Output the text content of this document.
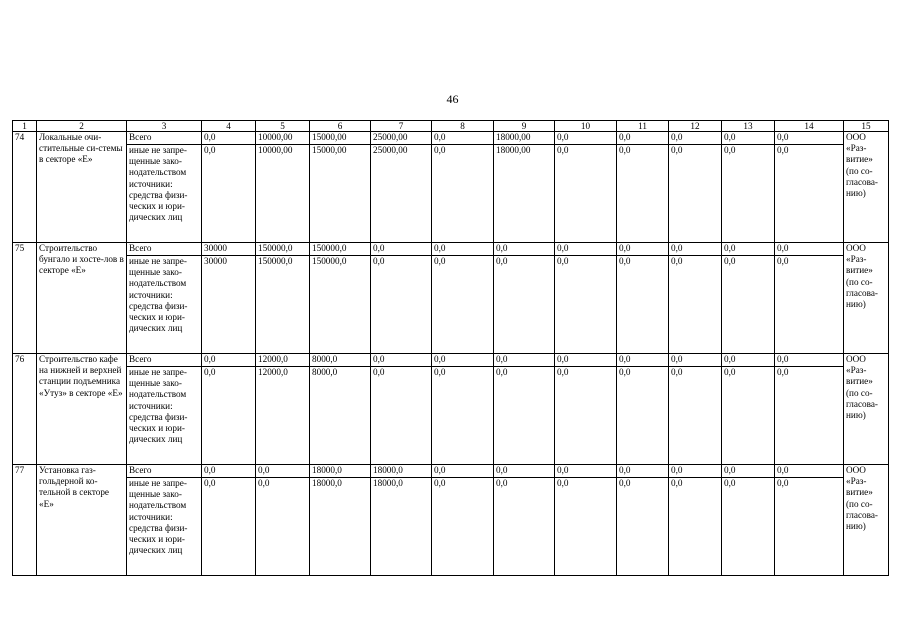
46
1	2	3	4	5	6	7	8	9	10	11	12	13	14	15
74	Локальные очи-стительные си-стемы в секторе «Е»	Всего	0,0	10000,00	15000,00	25000,00	0,0	18000,00	0,0	0,0	0,0	0,0	0,0	ООО «Раз-витие» (по со-гласова-нию)
		иные не запре-щенные зако-нодательством источники: средства физи-ческих и юри-дических лиц	0,0	10000,00	15000,00	25000,00	0,0	18000,00	0,0	0,0	0,0	0,0	0,0	
75	Строительство бунгало и хосте-лов в секторе «Е»	Всего	30000	150000,0	150000,0	0,0	0,0	0,0	0,0	0,0	0,0	0,0	0,0	ООО «Раз-витие» (по со-гласова-нию)
		иные не запре-щенные зако-нодательством источники: средства физи-ческих и юри-дических лиц	30000	150000,0	150000,0	0,0	0,0	0,0	0,0	0,0	0,0	0,0	0,0	
76	Строительство кафе на нижней и верхней станции подъемника «Утуз» в секторе «Е»	Всего	0,0	12000,0	8000,0	0,0	0,0	0,0	0,0	0,0	0,0	0,0	0,0	ООО «Раз-витие» (по со-гласова-нию)
		иные не запре-щенные зако-нодательством источники: средства физи-ческих и юри-дических лиц	0,0	12000,0	8000,0	0,0	0,0	0,0	0,0	0,0	0,0	0,0	0,0	
77	Установка газ-гольдерной ко-тельной в секторе «Е»	Всего	0,0	0,0	18000,0	18000,0	0,0	0,0	0,0	0,0	0,0	0,0	0,0	ООО «Раз-витие» (по со-гласова-нию)
		иные не запре-щенные зако-нодательством источники: средства физи-ческих и юри-дических лиц	0,0	0,0	18000,0	18000,0	0,0	0,0	0,0	0,0	0,0	0,0	0,0	
